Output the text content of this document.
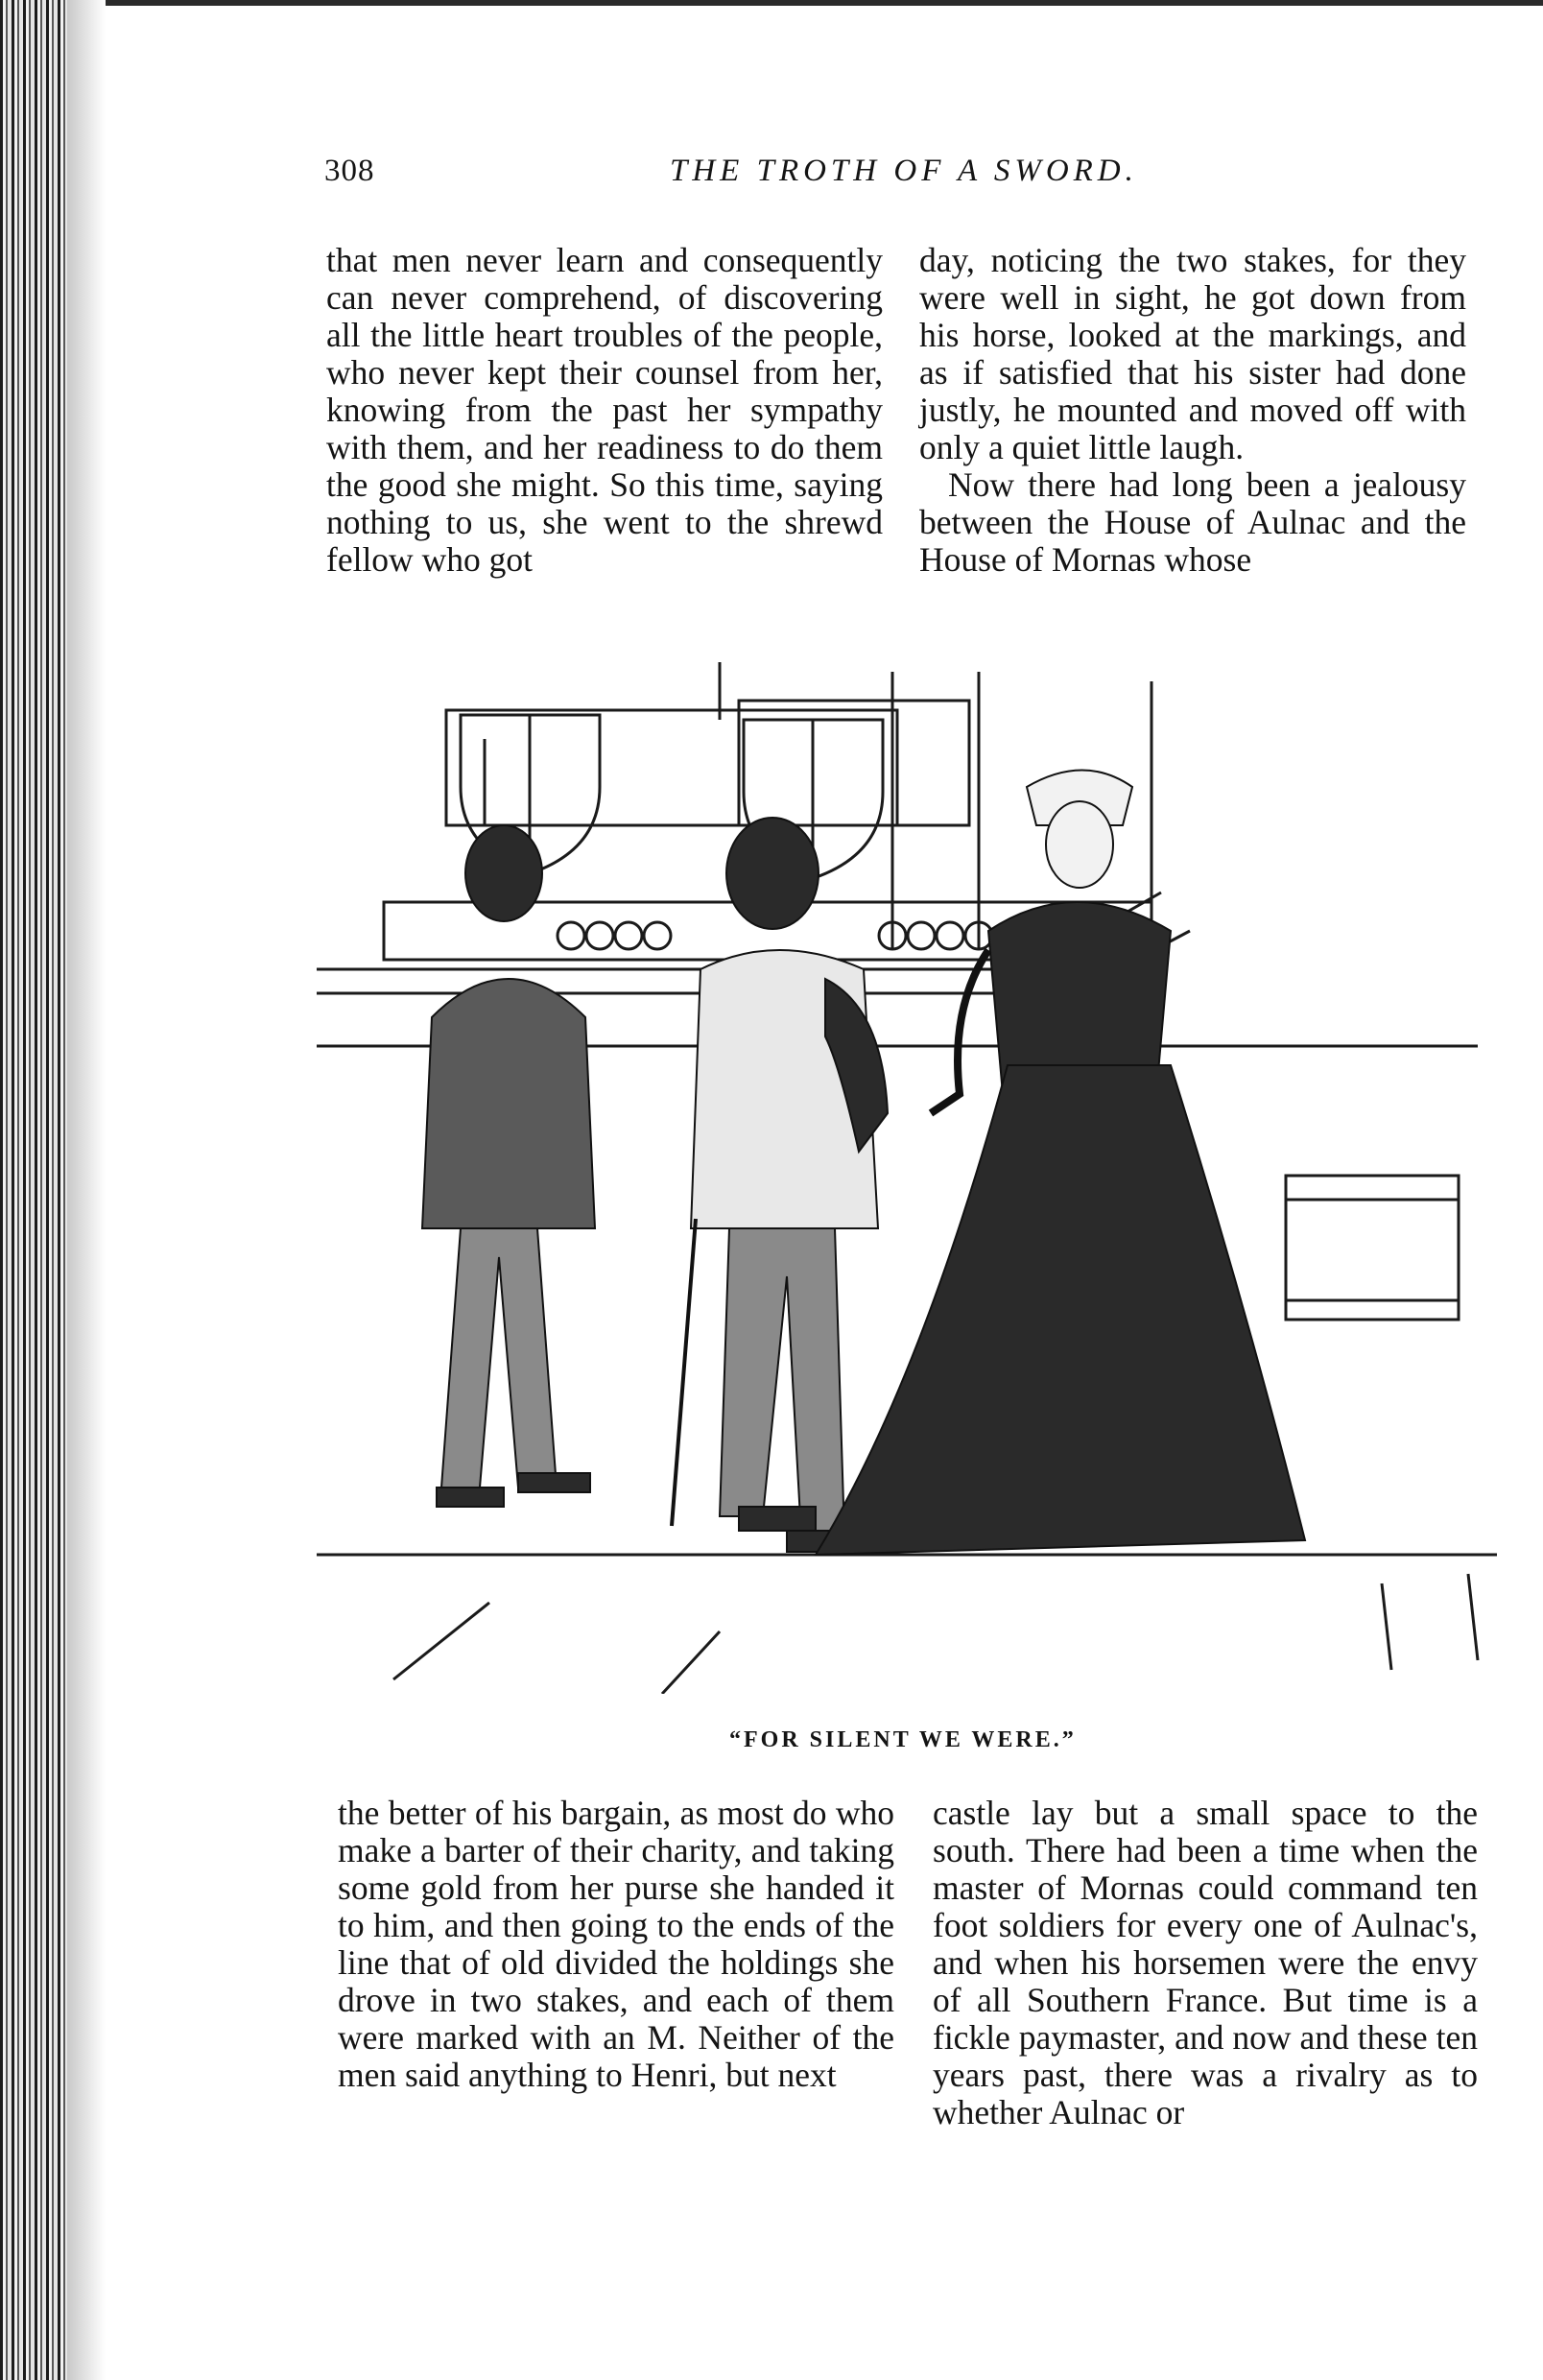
308	THE TROTH OF A SWORD.

that men never learn and consequently can never comprehend, of discovering all the little heart troubles of the people, who never kept their counsel from her, knowing from the past her sympathy with them, and her readiness to do them the good she might. So this time, saying nothing to us, she went to the shrewd fellow who got

day, noticing the two stakes, for they were well in sight, he got down from his horse, looked at the markings, and as if satisfied that his sister had done justly, he mounted and moved off with only a quiet little laugh.

Now there had long been a jealousy between the House of Aulnac and the House of Mornas whose

“FOR SILENT WE WERE.”

the better of his bargain, as most do who make a barter of their charity, and taking some gold from her purse she handed it to him, and then going to the ends of the line that of old divided the holdings she drove in two stakes, and each of them were marked with an M. Neither of the men said anything to Henri, but next

castle lay but a small space to the south. There had been a time when the master of Mornas could command ten foot soldiers for every one of Aulnac's, and when his horsemen were the envy of all Southern France. But time is a fickle paymaster, and now and these ten years past, there was a rivalry as to whether Aulnac or
